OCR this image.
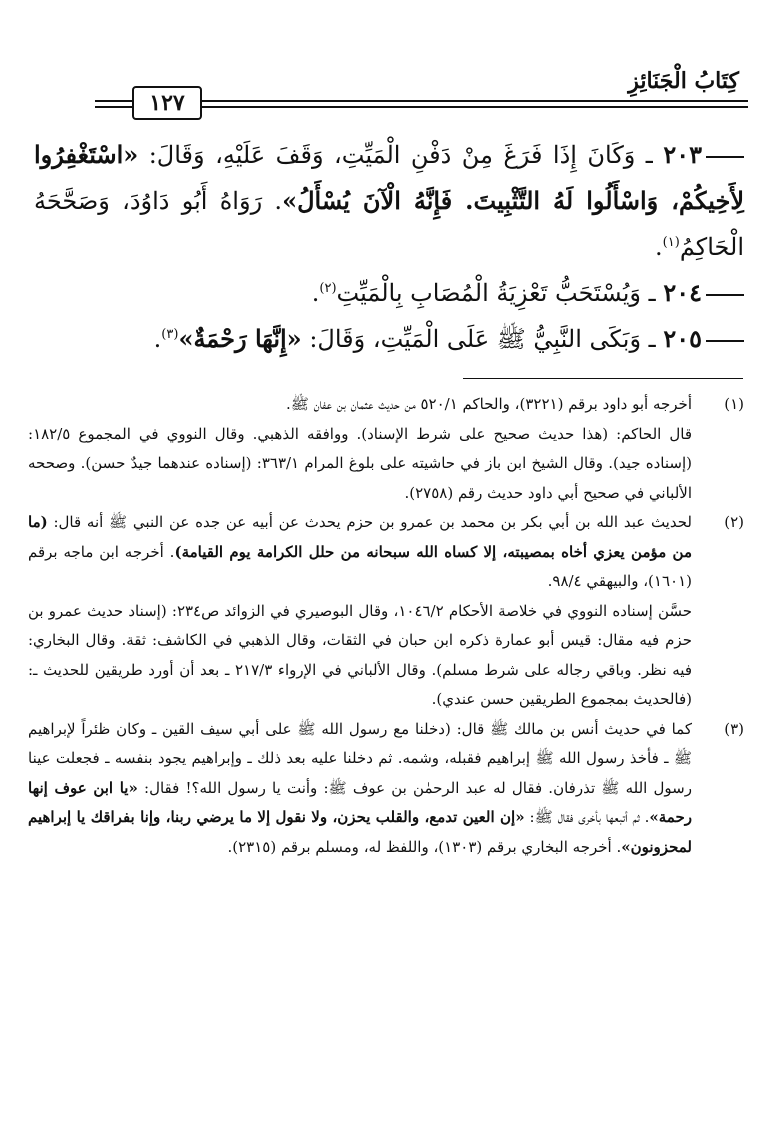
كِتَابُ الْجَنَائِزِ
١٢٧

٢٠٣ ـ وَكَانَ إِذَا فَرَغَ مِنْ دَفْنِ الْمَيِّتِ، وَقَفَ عَلَيْهِ، وَقَالَ: «اسْتَغْفِرُوا لِأَخِيكُمْ، وَاسْأَلُوا لَهُ التَّثْبِيتَ. فَإِنَّهُ الْآنَ يُسْأَلُ». رَوَاهُ أَبُو دَاوُدَ، وَصَحَّحَهُ الْحَاكِمُ$^{(١)}$.

٢٠٤ ـ وَيُسْتَحَبُّ تَعْزِيَةُ الْمُصَابِ بِالْمَيِّتِ$^{(٢)}$.

٢٠٥ ـ وَبَكَى النَّبِيُّ ﷺ عَلَى الْمَيِّتِ، وَقَالَ: «إِنَّهَا رَحْمَةٌ»$^{(٣)}$.

(١)

أخرجه أبو داود برقم (٣٢٢١)، والحاكم ٥٢٠/١ من حديث عثمان بن عفان ﷺ.

قال الحاكم: (هذا حديث صحيح على شرط الإسناد). ووافقه الذهبي. وقال النووي في المجموع ١٨٢/٥: (إسناده جيد). وقال الشيخ ابن باز في حاشيته على بلوغ المرام ٣٦٣/١: (إسناده عندهما جيدٌ حسن). وصححه الألباني في صحيح أبي داود حديث رقم (٢٧٥٨).

(٢)

لحديث عبد الله بن أبي بكر بن محمد بن عمرو بن حزم يحدث عن أبيه عن جده عن النبي ﷺ أنه قال: (ما من مؤمن يعزي أخاه بمصيبته، إلا كساه الله سبحانه من حلل الكرامة يوم القيامة). أخرجه ابن ماجه برقم (١٦٠١)، والبيهقي ٩٨/٤.

حسَّن إسناده النووي في خلاصة الأحكام ١٠٤٦/٢، وقال البوصيري في الزوائد ص٢٣٤: (إسناد حديث عمرو بن حزم فيه مقال: قيس أبو عمارة ذكره ابن حبان في الثقات، وقال الذهبي في الكاشف: ثقة. وقال البخاري: فيه نظر. وباقي رجاله على شرط مسلم). وقال الألباني في الإرواء ٢١٧/٣ ـ بعد أن أورد طريقين للحديث ـ: (فالحديث بمجموع الطريقين حسن عندي).

(٣)

كما في حديث أنس بن مالك ﷺ قال: (دخلنا مع رسول الله ﷺ على أبي سيف القين ـ وكان ظئراً لإبراهيم ﷺ ـ فأخذ رسول الله ﷺ إبراهيم فقبله، وشمه. ثم دخلنا عليه بعد ذلك ـ وإبراهيم يجود بنفسه ـ فجعلت عينا رسول الله ﷺ تذرفان. فقال له عبد الرحمٰن بن عوف ﷺ: وأنت يا رسول الله؟! فقال: «يا ابن عوف إنها رحمة». ثم أتبعها بأخرى فقال ﷺ: «إن العين تدمع، والقلب يحزن، ولا نقول إلا ما يرضي ربنا، وإنا بفراقك يا إبراهيم لمحزونون». أخرجه البخاري برقم (١٣٠٣)، واللفظ له، ومسلم برقم (٢٣١٥).
